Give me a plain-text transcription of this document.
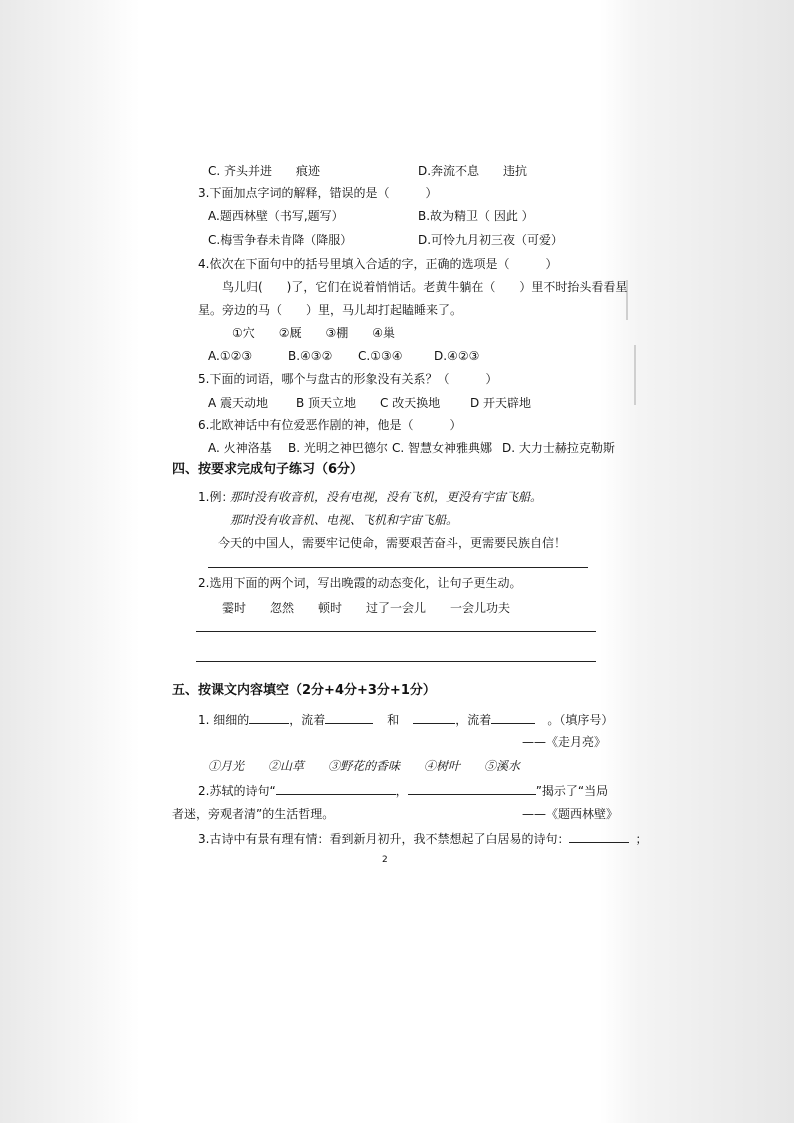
C. 齐头并进　　痕迹	D.奔流不息　　违抗
3.下面加点字词的解释，错误的是（　　　）
A.题西林壁（书写,题写）	B.故为精卫（ 因此 ）
C.梅雪争春未肯降（降服）	D.可怜九月初三夜（可爱）
4.依次在下面句中的括号里填入合适的字，正确的选项是（　　　）
鸟儿归(　　)了，它们在说着悄悄话。老黄牛躺在（　　）里不时抬头看看星
星。旁边的马（　　）里，马儿却打起瞌睡来了。
①穴　　②厩　　③棚　　④巢
A.①②③	B.④③② C.①③④	D.④②③
5.下面的词语，哪个与盘古的形象没有关系？（　　　）
A 震天动地 B 顶天立地 C 改天换地 D 开天辟地
6.北欧神话中有位爱恶作剧的神，他是（　　　）
A. 火神洛基 B. 光明之神巴德尔 C. 智慧女神雅典娜 D. 大力士赫拉克勒斯
四、按要求完成句子练习（6分）
1.例：
那时没有收音机，没有电视，没有飞机，更没有宇宙飞船。
那时没有收音机、电视、飞机和宇宙飞船。
今天的中国人，需要牢记使命，需要艰苦奋斗，更需要民族自信！
2.选用下面的两个词，写出晚霞的动态变化，让句子更生动。
霎时　　忽然　　顿时　　过了一会儿　　一会儿功夫
五、按课文内容填空（2分+4分+3分+1分）
1. 细细的	，流着	和	，流着	。（填序号）
——《走月亮》
①月光　　②山草　　③野花的香味　　④树叶　　⑤溪水
2.苏轼的诗句“	，	”揭示了“当局
者迷，旁观者清”的生活哲理。	——《题西林壁》
3.古诗中有景有理有情：看到新月初升，我不禁想起了白居易的诗句：	；
2
